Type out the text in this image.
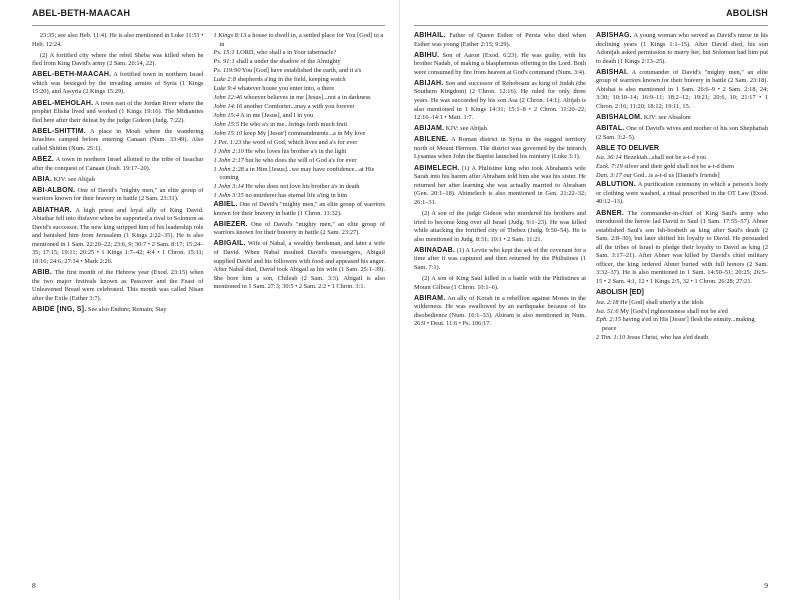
ABEL-BETH-MAACAH
23:35; see also Heb. 11:4). He is also mentioned in Luke 11:51 • Heb. 12:24.
(2) A fortified city where the rebel Sheba was killed when he fled from King David's army (2 Sam. 20:14, 22).
ABEL-BETH-MAACAH. A fortified town in northern Israel which was besieged by the invading armies of Syria (1 Kings 15:20), and Assyria (2 Kings 15:29).
ABEL-MEHOLAH. A town east of the Jordan River where the prophet Elisha lived and worked (1 Kings 19:16). The Midianites fled here after their defeat by the judge Gideon (Judg. 7:22).
ABEL-SHITTIM. A place in Moab where the wandering Israelites camped before entering Canaan (Num. 33:49). Also called Shittim (Num. 25:1).
ABEZ. A town in northern Israel allotted to the tribe of Issachar after the conquest of Canaan (Josh. 19:17–20).
ABIA. KJV: see Abijah
ABI-ALBON. One of David's "mighty men," an elite group of warriors known for their bravery in battle (2 Sam. 23:31).
ABIATHAR. A high priest and loyal ally of King David. Abiathar fell into disfavor when he supported a rival to Solomon as David's successor. The new king stripped him of his leadership role and banished him from Jerusalem (1 Kings 2:22–35). He is also mentioned in 1 Sam. 22:20–22; 23:6, 9; 30:7 • 2 Sam. 8:17; 15:24–35; 17:15; 19:11; 20:25 • 1 Kings 1:7–42; 4:4 • 1 Chron. 15:11; 18:16; 24:6; 27:34 • Mark 2:26.
ABIB. The first month of the Hebrew year (Exod. 23:15) when the two major festivals known as Passover and the Feast of Unleavened Bread were celebrated. This month was called Nisan after the Exile (Esther 3:7).
ABIDE [ING, S]. See also Endure; Remain; Stay
1 Kings 8:13 a house to dwell in, a settled place for You [God] to a in
Ps. 15:1 LORD, who shall a in Your tabernacle?
Ps. 91:1 shall a under the shadow of the Almighty
Ps. 119:90 You [God] have established the earth, and it a's
Luke 2:8 shepherds a'ing in the field, keeping watch
Luke 9:4 whatever house you enter into, a there
John 12:46 whoever believes in me [Jesus]...not a in darkness
John 14:16 another Comforter...may a with you forever
John 15:4 A in me [Jesus], and I in you
John 15:5 He who a's in me...brings forth much fruit
John 15:10 keep My [Jesus'] commandments...a in My love
1 Pet. 1:23 the word of God, which lives and a's for ever
1 John 2:10 He who loves his brother a's in the light
1 John 2:17 but he who does the will of God a's for ever
1 John 2:28 a in Him [Jesus]...we may have confidence...at His coming
1 John 3:14 He who does not love his brother a's in death
1 John 3:15 no murderer has eternal life a'ing in him
ABIEL. One of David's "mighty men," an elite group of warriors known for their bravery in battle (1 Chron. 11:32).
ABIEZER. One of David's "mighty men," an elite group of warriors known for their bravery in battle (2 Sam. 23:27).
ABIGAIL. Wife of Nabal, a wealthy herdsman, and later a wife of David. When Nabal insulted David's messengers, Abigail supplied David and his followers with food and appeased his anger. After Nabal died, David took Abigail as his wife (1 Sam. 25:1–39). She bore him a son, Chileab (2 Sam. 3:3). Abigail is also mentioned in 1 Sam. 27:3; 30:5 • 2 Sam. 2:2 • 1 Chron. 3:1.
8
ABOLISH
ABIHAIL. Father of Queen Esther of Persia who died when Esther was young (Esther 2:15; 9:29).
ABIHU. Son of Aaron (Exod. 6:23). He was guilty, with his brother Nadab, of making a blasphemous offering to the Lord. Both were consumed by fire from heaven at God's command (Num. 3:4).
ABIJAH. Son and successor of Rehoboam as king of Judah (the Southern Kingdom) (2 Chron. 12:16). He ruled for only three years. He was succeeded by his son Asa (2 Chron. 14:1). Abijah is also mentioned in 1 Kings 14:31; 15:1–8 • 2 Chron. 11:20–22; 12:16–14:1 • Matt. 1:7.
ABIJAM. KJV: see Abijah
ABILENE. A Roman district in Syria in the rugged territory north of Mount Hermon. The district was governed by the tetrarch Lysanias when John the Baptist launched his ministry (Luke 3:1).
ABIMELECH. (1) A Philistine king who took Abraham's wife Sarah into his harem after Abraham told him she was his sister. He returned her after learning she was actually married to Abraham (Gen. 20:1–18). Abimelech is also mentioned in Gen. 21:22–32; 26:1–31.
(2) A son of the judge Gideon who murdered his brothers and tried to become king over all Israel (Judg. 9:1–23). He was killed while attacking the fortified city of Thebez (Judg. 9:50–54). He is also mentioned in Judg. 8:31; 10:1 • 2 Sam. 11:21.
ABINADAB. (1) A Levite who kept the ark of the covenant for a time after it was captured and then returned by the Philistines (1 Sam. 7:1).
(2) A son of King Saul killed in a battle with the Philistines at Mount Gilboa (1 Chron. 10:1–6).
ABIRAM. An ally of Korah in a rebellion against Moses in the wilderness. He was swallowed by an earthquake because of his disobedience (Num. 16:1–33). Abiram is also mentioned in Num. 26:9 • Deut. 11:6 • Ps. 106:17.
ABISHAG. A young woman who served as David's nurse in his declining years (1 Kings 1:1–15). After David died, his son Adonijah asked permission to marry her, but Solomon had him put to death (1 Kings 2:13–25).
ABISHAI. A commander of David's "mighty men," an elite group of warriors known for their bravery in battle (2 Sam. 23:18). Abishai is also mentioned in 1 Sam. 26:6–9 • 2 Sam. 2:18, 24; 3:30; 10:10–14; 16:9–11; 18:2–12; 19:21; 20:6, 10; 21:17 • 1 Chron. 2:16; 11:20; 18:12; 19:11, 15.
ABISHALOM. KJV: see Absalom
ABITAL. One of David's wives and mother of his son Shephatiah (2 Sam. 3:2–5).
ABLE TO DELIVER
Isa. 36:14 Hezekiah...shall not be a-t-d you
Ezek. 7:19 silver and their gold shall not be a-t-d them
Dan. 3:17 our God...is a-t-d us [Daniel's friends]
ABLUTION. A purification ceremony in which a person's body or clothing were washed, a ritual prescribed in the OT Law (Exod. 40:12–13).
ABNER. The commander-in-chief of King Saul's army who introduced the heroic lad David to Saul (1 Sam. 17:55–57). Abner established Saul's son Ish-bosheth as king after Saul's death (2 Sam. 2:8–30), but later shifted his loyalty to David. He persuaded all the tribes of Israel to pledge their loyalty to David as king (2 Sam. 3:17–21). After Abner was killed by David's chief military officer, the king ordered Abner buried with full honors (2 Sam. 3:32–37). He is also mentioned in 1 Sam. 14:50–51; 20:25; 26:5–15 • 2 Sam. 4:1, 12 • 1 Kings 2:5, 32 • 1 Chron. 26:28; 27:21.
ABOLISH [ED]
Isa. 2:18 He [God] shall utterly a the idols
Isa. 51:6 My [God's] righteousness shall not be a'ed
Eph. 2:15 having a'ed in His [Jesus'] flesh the enmity...making peace
2 Tim. 1:10 Jesus Christ, who has a'ed death
9
